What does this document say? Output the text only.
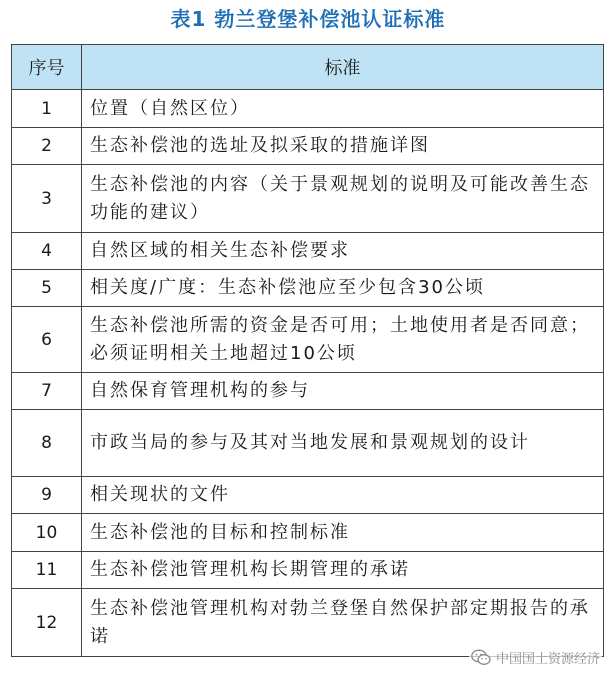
表1 勃兰登堡补偿池认证标准
序号	标准
1	位置（自然区位）
2	生态补偿池的选址及拟采取的措施详图
3	生态补偿池的内容（关于景观规划的说明及可能改善生态功能的建议）
4	自然区域的相关生态补偿要求
5	相关度/广度：生态补偿池应至少包含30公顷
6	生态补偿池所需的资金是否可用；土地使用者是否同意；必须证明相关土地超过10公顷
7	自然保育管理机构的参与
8	市政当局的参与及其对当地发展和景观规划的设计
9	相关现状的文件
10	生态补偿池的目标和控制标准
11	生态补偿池管理机构长期管理的承诺
12	生态补偿池管理机构对勃兰登堡自然保护部定期报告的承诺
中国国土资源经济
